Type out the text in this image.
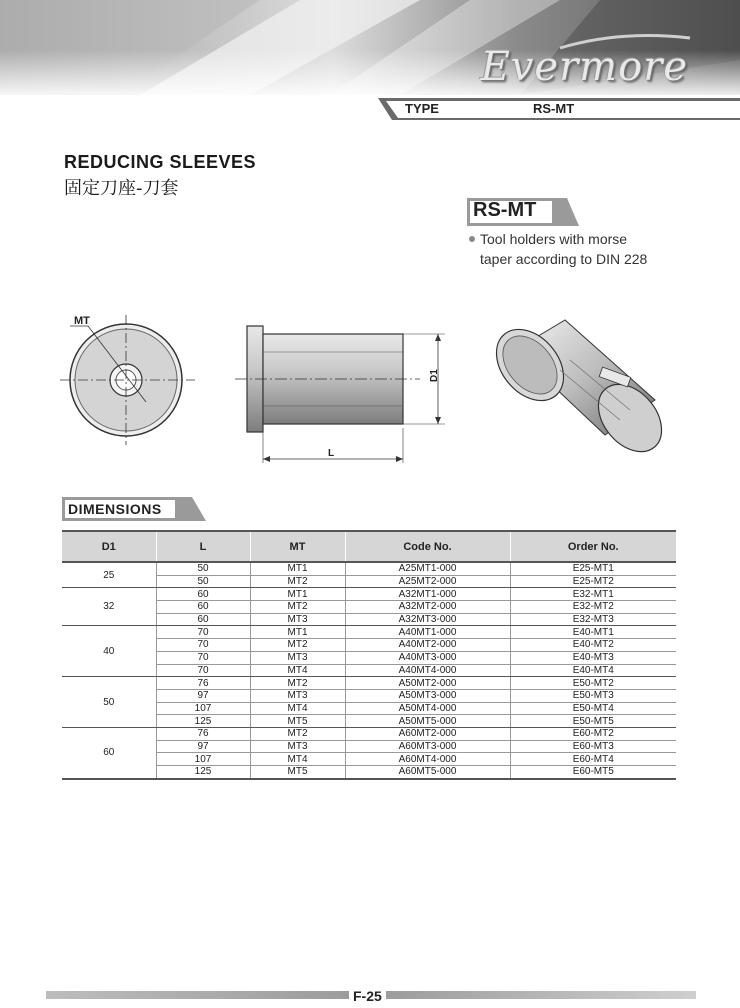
Evermore
TYPE	RS-MT
REDUCING SLEEVES
固定刀座-刀套
RS-MT
Tool holders with morse
taper according to DIN 228
MT
D1
L
DIMENSIONS
D1	L	MT	Code No.	Order No.
25	50	MT1	A25MT1-000	E25-MT1
	50	MT2	A25MT2-000	E25-MT2
32	60	MT1	A32MT1-000	E32-MT1
	60	MT2	A32MT2-000	E32-MT2
	60	MT3	A32MT3-000	E32-MT3
40	70	MT1	A40MT1-000	E40-MT1
	70	MT2	A40MT2-000	E40-MT2
	70	MT3	A40MT3-000	E40-MT3
	70	MT4	A40MT4-000	E40-MT4
50	76	MT2	A50MT2-000	E50-MT2
	97	MT3	A50MT3-000	E50-MT3
	107	MT4	A50MT4-000	E50-MT4
	125	MT5	A50MT5-000	E50-MT5
60	76	MT2	A60MT2-000	E60-MT2
	97	MT3	A60MT3-000	E60-MT3
	107	MT4	A60MT4-000	E60-MT4
	125	MT5	A60MT5-000	E60-MT5
F-25
